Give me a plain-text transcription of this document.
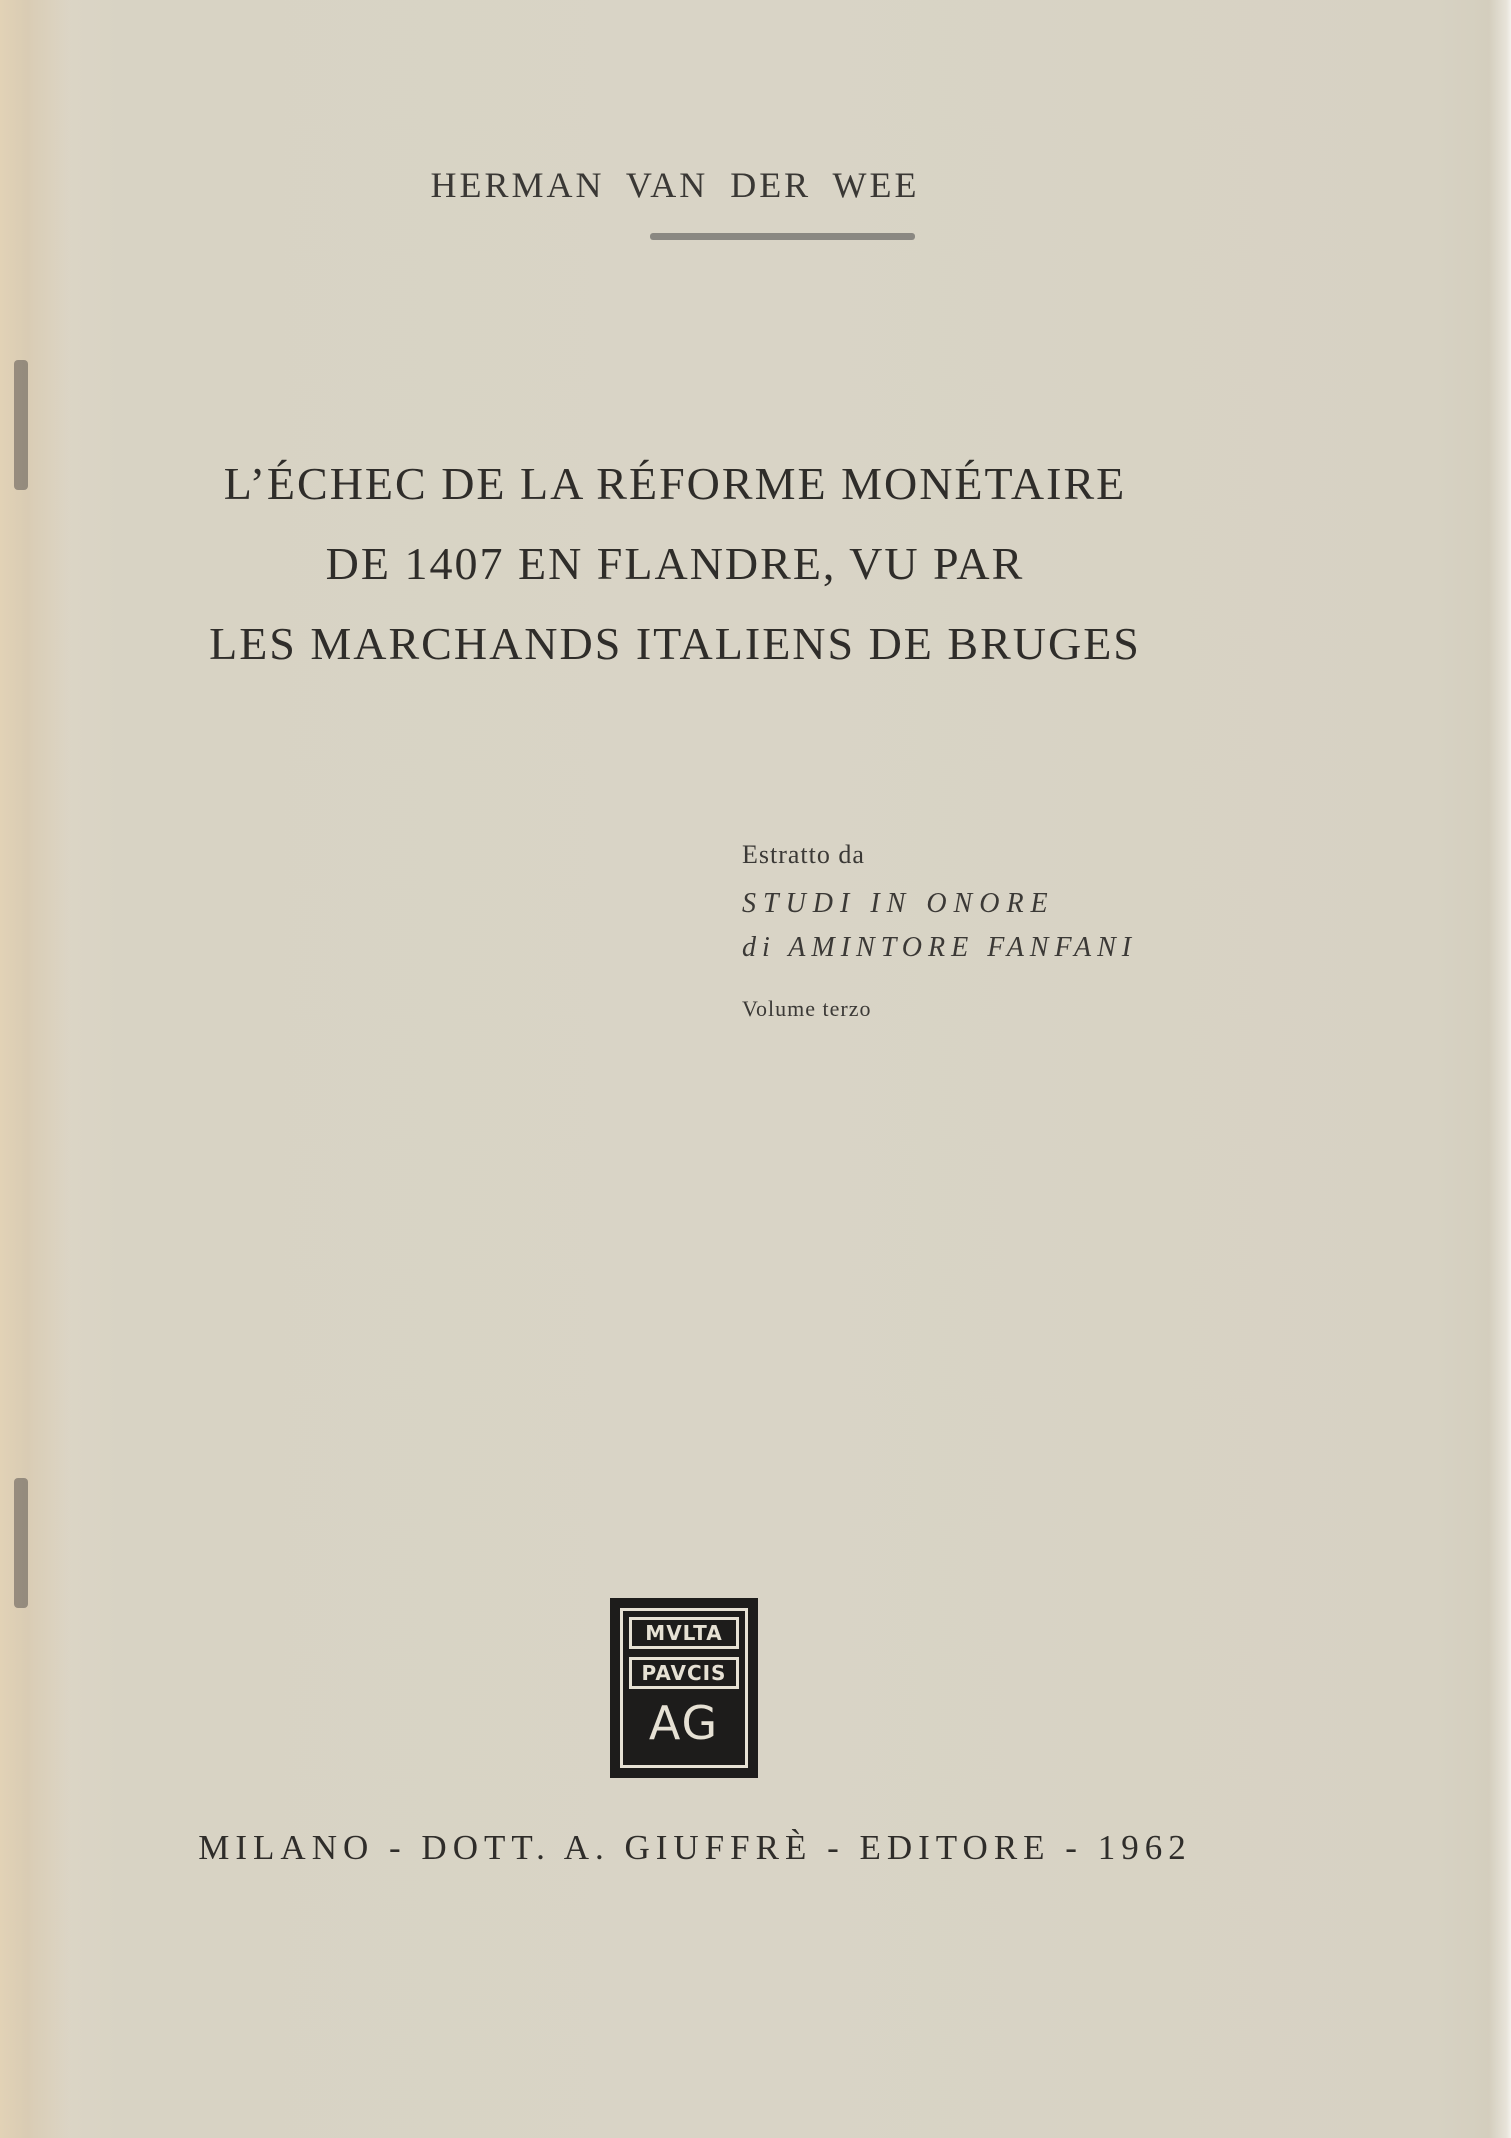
HERMAN VAN DER WEE
L’ÉCHEC DE LA RÉFORME MONÉTAIRE
DE 1407 EN FLANDRE, VU PAR
LES MARCHANDS ITALIENS DE BRUGES
Estratto da
STUDI IN ONORE
di AMINTORE FANFANI
Volume terzo
MVLTA
PAVCIS
AG
MILANO - DOTT. A. GIUFFRÈ - EDITORE - 1962
